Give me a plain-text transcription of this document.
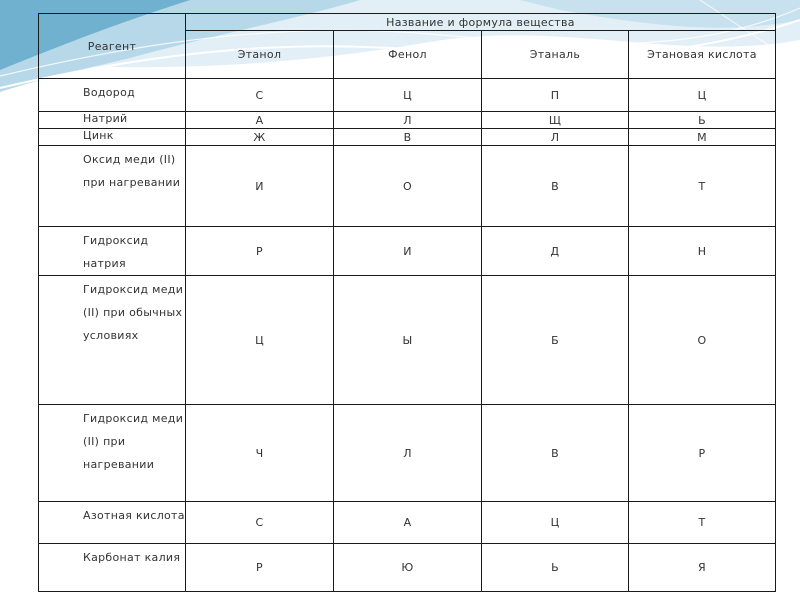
Реагент	Название и формула вещества			
	Этанол	Фенол	Этаналь	Этановая кислота
Водород	С	Ц	П	Ц
Натрий	А	Л	Щ	Ь
Цинк	Ж	В	Л	М
Оксид меди (II) при нагревании	И	О	В	Т
Гидроксид натрия	Р	И	Д	Н
Гидроксид меди (II) при обычных условиях	Ц	Ы	Б	О
Гидроксид меди (II) при нагревании	Ч	Л	В	Р
Азотная кислота	С	А	Ц	Т
Карбонат калия	Р	Ю	Ь	Я
